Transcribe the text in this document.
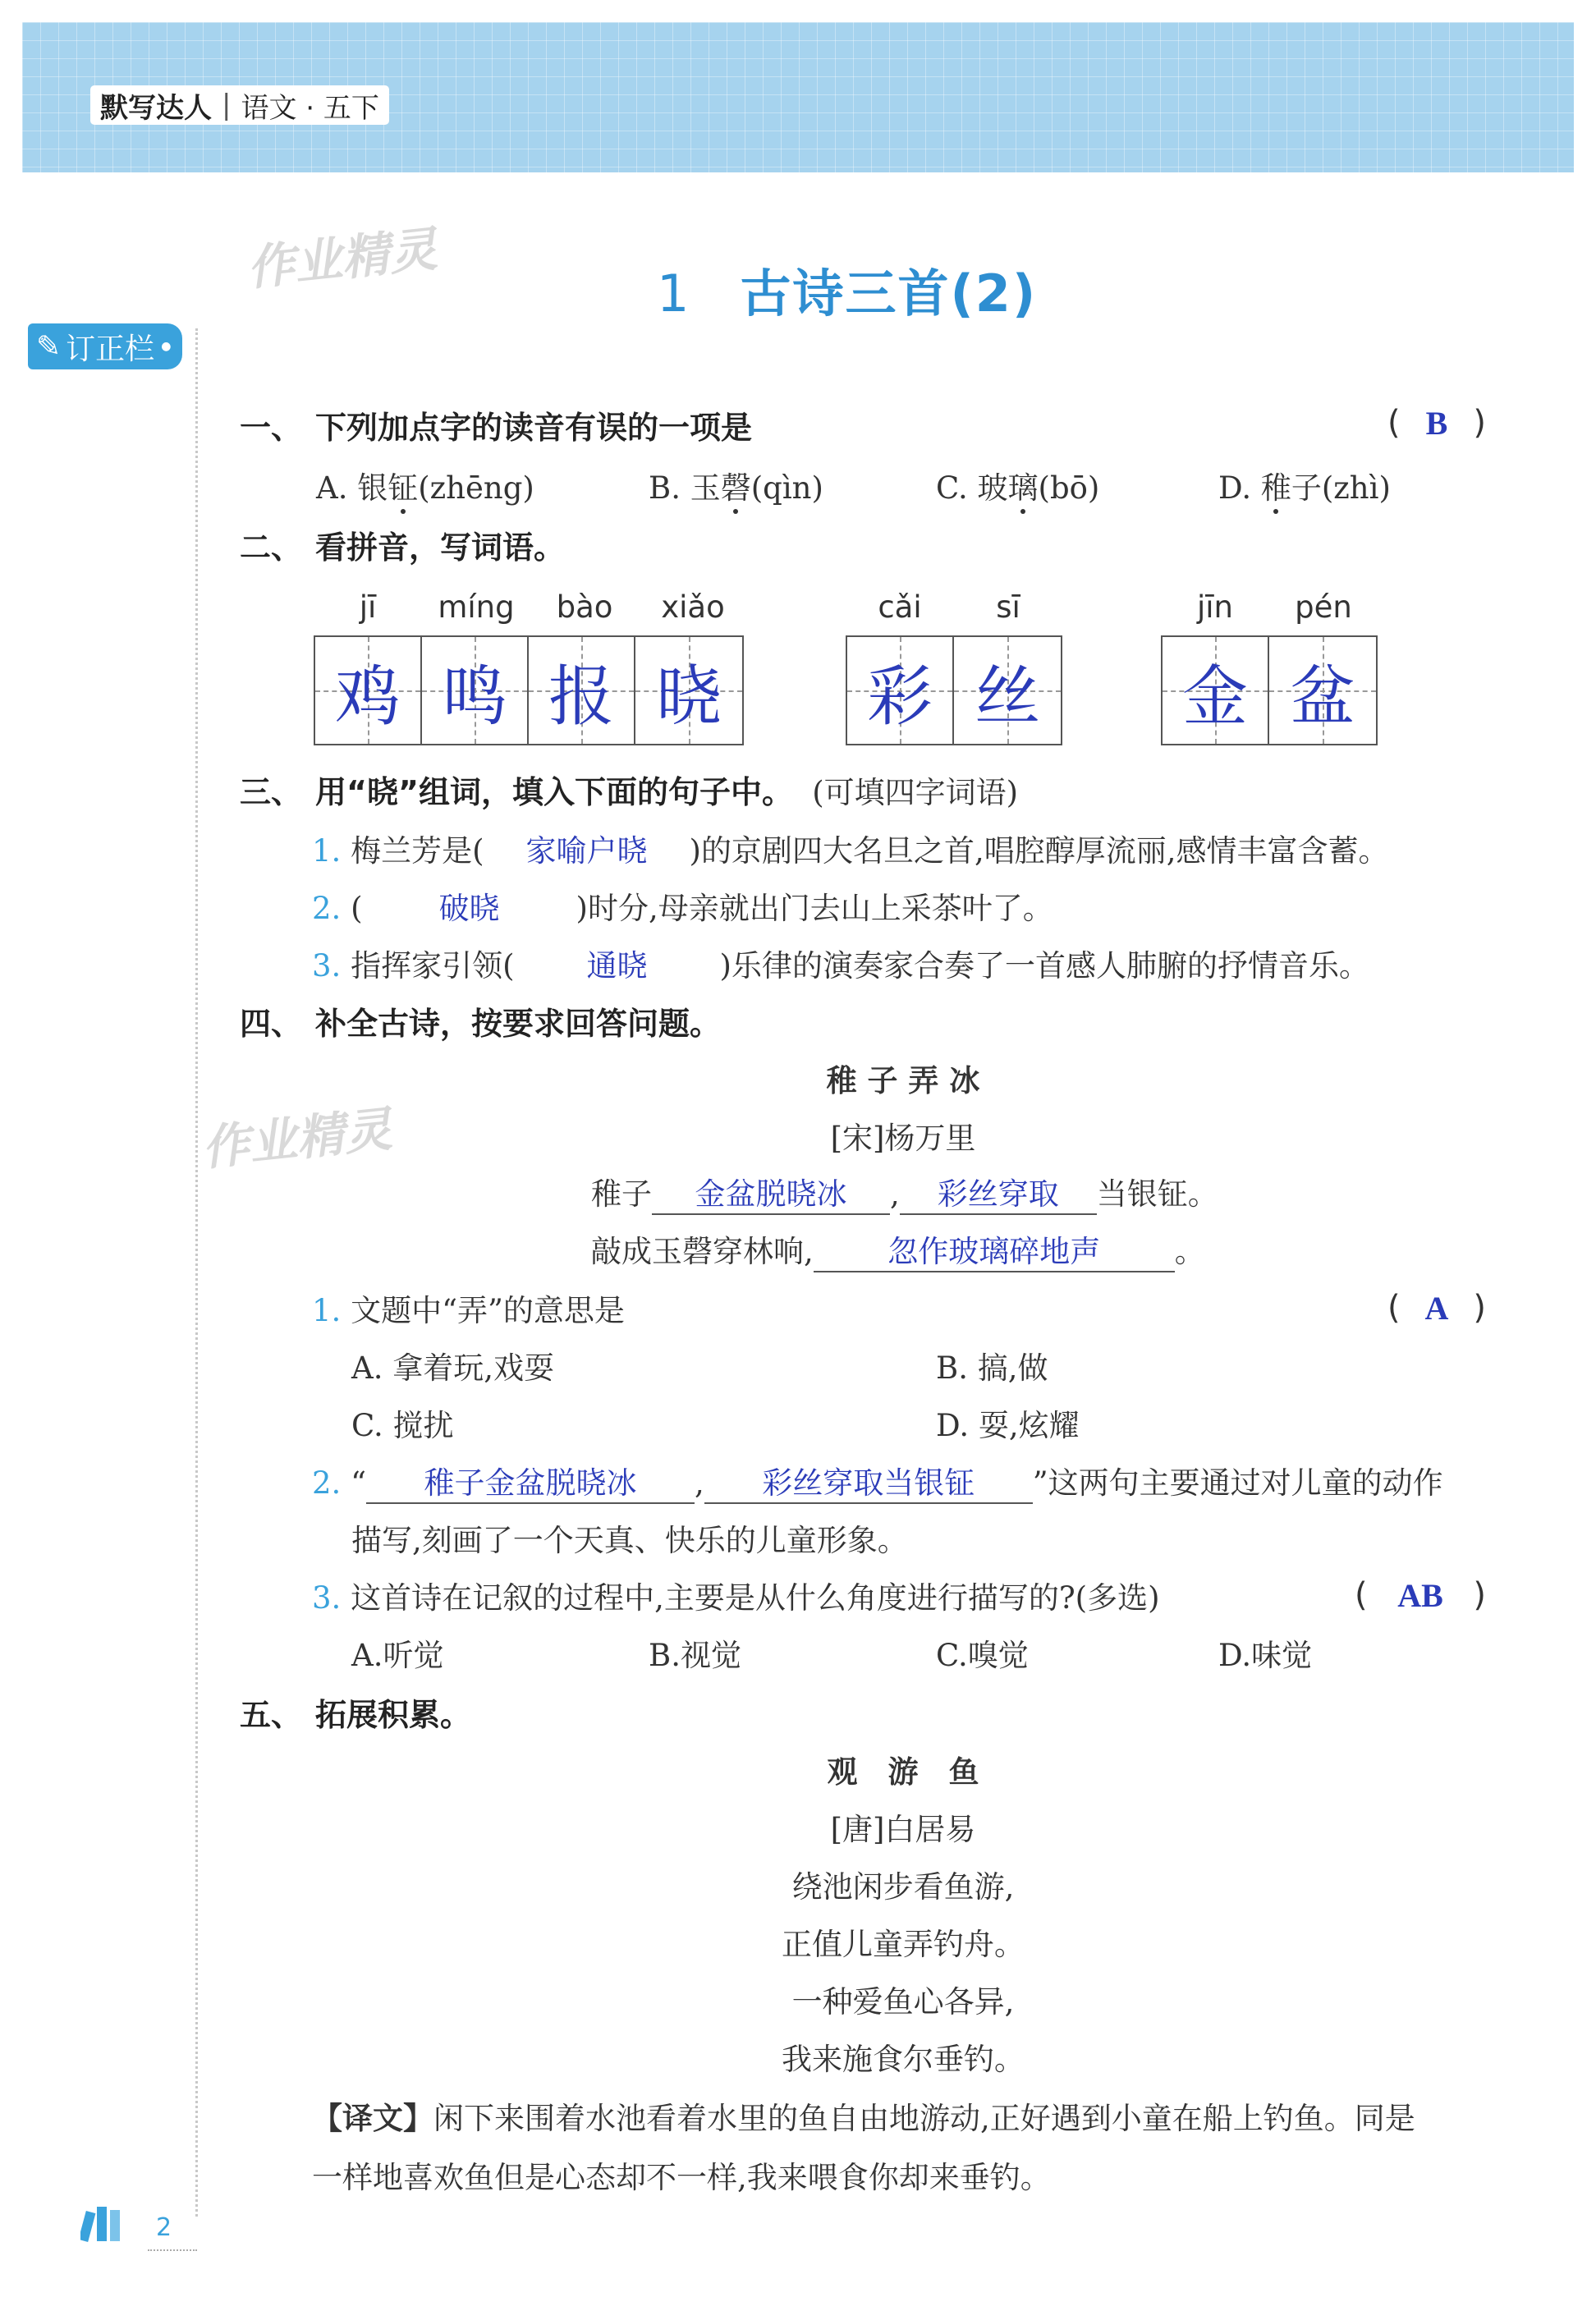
默写达人 | 语文 · 五下
作业精灵
作业精灵
✎ 订正栏 ●
1 古诗三首(2)
一、 下列加点字的读音有误的一项是	( B )
A. 银钲(zhēng)	B. 玉磬(qìn)	C. 玻璃(bō)	D. 稚子(zhì)
二、 看拼音，写词语。
jī	míng	bào	xiǎo
鸡 鸣 报 晓
cǎi	sī
彩 丝
jīn	pén
金 盆
三、 用“晓”组词，填入下面的句子中。 (可填四字词语)
1. 梅兰芳是( 家喻户晓 )的京剧四大名旦之首,唱腔醇厚流丽,感情丰富含蓄。
2. (	破晓	)时分,母亲就出门去山上采茶叶了。
3. 指挥家引领( 通晓 )乐律的演奏家合奏了一首感人肺腑的抒情音乐。
四、 补全古诗，按要求回答问题。
稚 子 弄 冰
[宋]杨万里
稚子 金盆脱晓冰 , 彩丝穿取 当银钲。
敲成玉磬穿林响, 忽作玻璃碎地声 。
1. 文题中“弄”的意思是	( A )
A. 拿着玩,戏耍	B. 搞,做
C. 搅扰	D. 耍,炫耀
2. “ 稚子金盆脱晓冰 , 彩丝穿取当银钲 ”这两句主要通过对儿童的动作
描写,刻画了一个天真、快乐的儿童形象。
3. 这首诗在记叙的过程中,主要是从什么角度进行描写的?(多选)	( AB )
A.听觉	B.视觉	C.嗅觉	D.味觉
五、 拓展积累。
观　游　鱼
[唐]白居易
绕池闲步看鱼游,
正值儿童弄钓舟。
一种爱鱼心各异,
我来施食尔垂钓。
【译文】闲下来围着水池看着水里的鱼自由地游动,正好遇到小童在船上钓鱼。同是
一样地喜欢鱼但是心态却不一样,我来喂食你却来垂钓。
2
